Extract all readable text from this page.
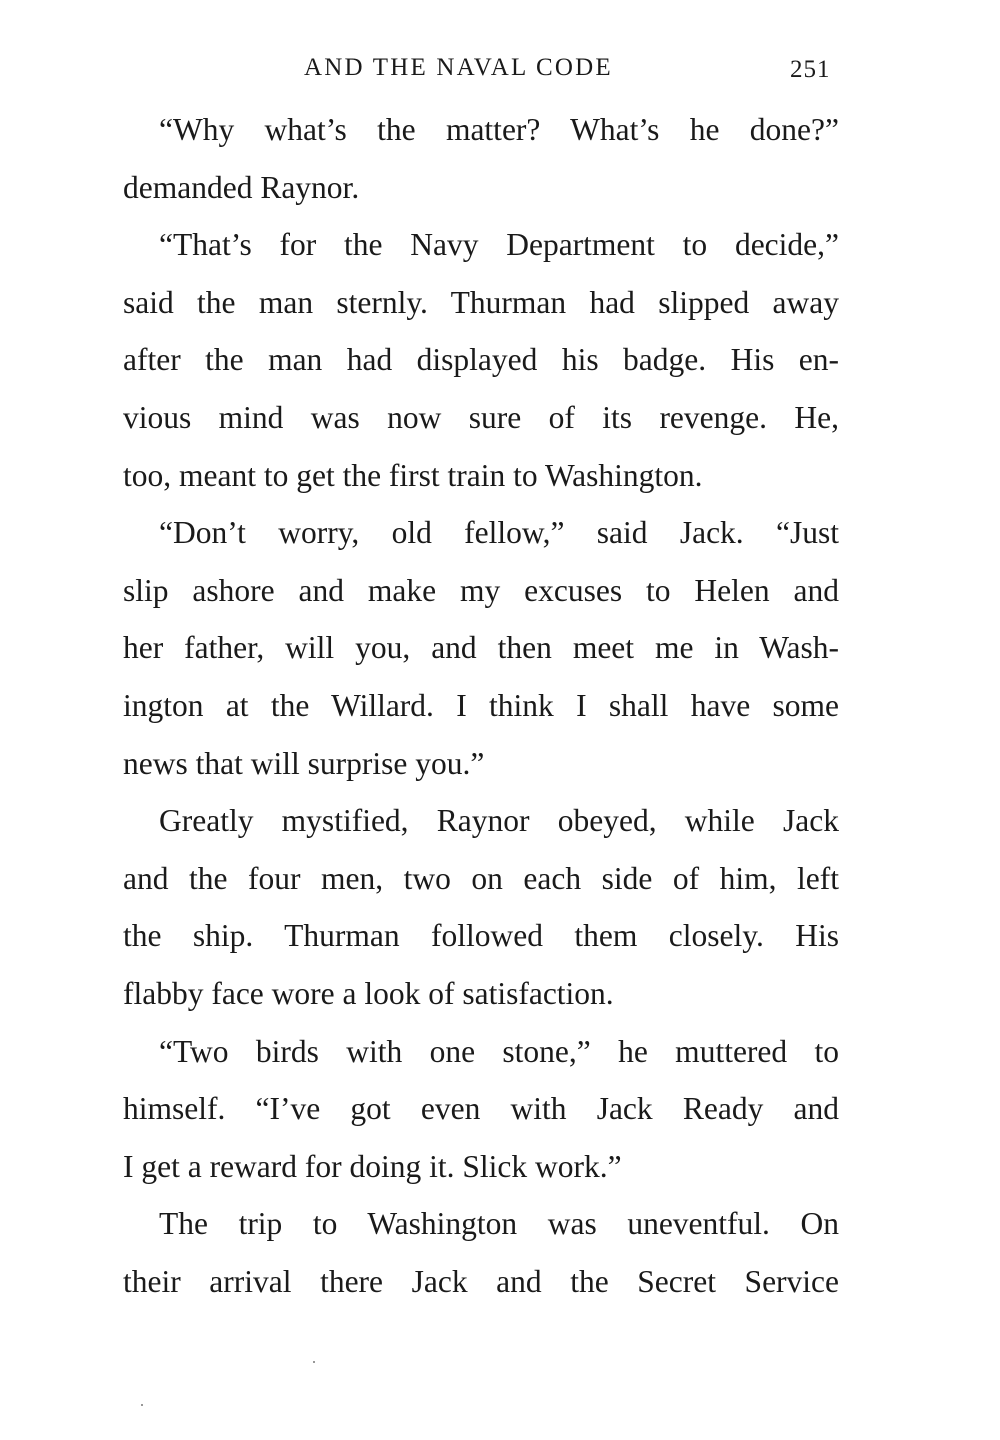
AND THE NAVAL CODE	251
“Why what’s the matter? What’s he done?”
demanded Raynor.
“That’s for the Navy Department to decide,”
said the man sternly. Thurman had slipped away
after the man had displayed his badge. His en-
vious mind was now sure of its revenge. He,
too, meant to get the first train to Washington.
“Don’t worry, old fellow,” said Jack. “Just
slip ashore and make my excuses to Helen and
her father, will you, and then meet me in Wash-
ington at the Willard. I think I shall have some
news that will surprise you.”
Greatly mystified, Raynor obeyed, while Jack
and the four men, two on each side of him, left
the ship. Thurman followed them closely. His
flabby face wore a look of satisfaction.
“Two birds with one stone,” he muttered to
himself. “I’ve got even with Jack Ready and
I get a reward for doing it. Slick work.”
The trip to Washington was uneventful. On
their arrival there Jack and the Secret Service
